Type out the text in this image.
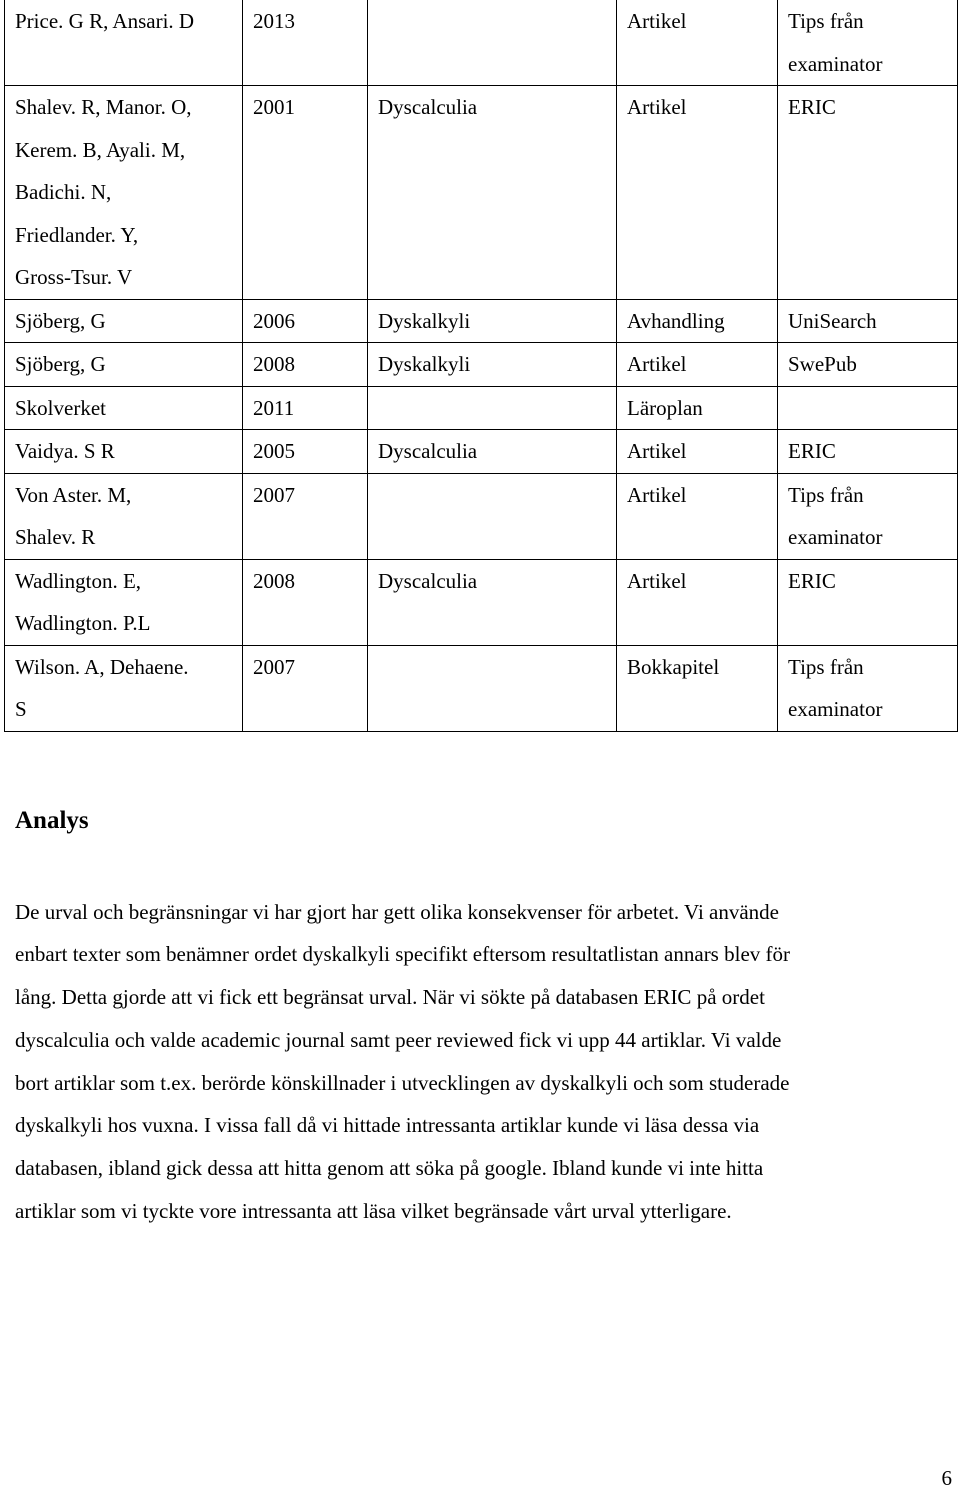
Price. G R, Ansari. D	2013		Artikel	Tips från
examinator

Shalev. R, Manor. O,
Kerem. B, Ayali. M,
Badichi. N,
Friedlander. Y,
Gross-Tsur. V	2001	Dyscalculia	Artikel	ERIC

Sjöberg, G	2006	Dyskalkyli	Avhandling	UniSearch

Sjöberg, G	2008	Dyskalkyli	Artikel	SwePub

Skolverket	2011		Läroplan	

Vaidya. S R	2005	Dyscalculia	Artikel	ERIC

Von Aster. M,
Shalev. R	2007		Artikel	Tips från
examinator

Wadlington. E,
Wadlington. P.L	2008	Dyscalculia	Artikel	ERIC

Wilson. A, Dehaene.
S	2007		Bokkapitel	Tips från
examinator
Analys

De urval och begränsningar vi har gjort har gett olika konsekvenser för arbetet. Vi använde
enbart texter som benämner ordet dyskalkyli specifikt eftersom resultatlistan annars blev för
lång. Detta gjorde att vi fick ett begränsat urval. När vi sökte på databasen ERIC på ordet
dyscalculia och valde academic journal samt peer reviewed fick vi upp 44 artiklar. Vi valde
bort artiklar som t.ex. berörde könskillnader i utvecklingen av dyskalkyli och som studerade
dyskalkyli hos vuxna. I vissa fall då vi hittade intressanta artiklar kunde vi läsa dessa via
databasen, ibland gick dessa att hitta genom att söka på google. Ibland kunde vi inte hitta
artiklar som vi tyckte vore intressanta att läsa vilket begränsade vårt urval ytterligare.

6
